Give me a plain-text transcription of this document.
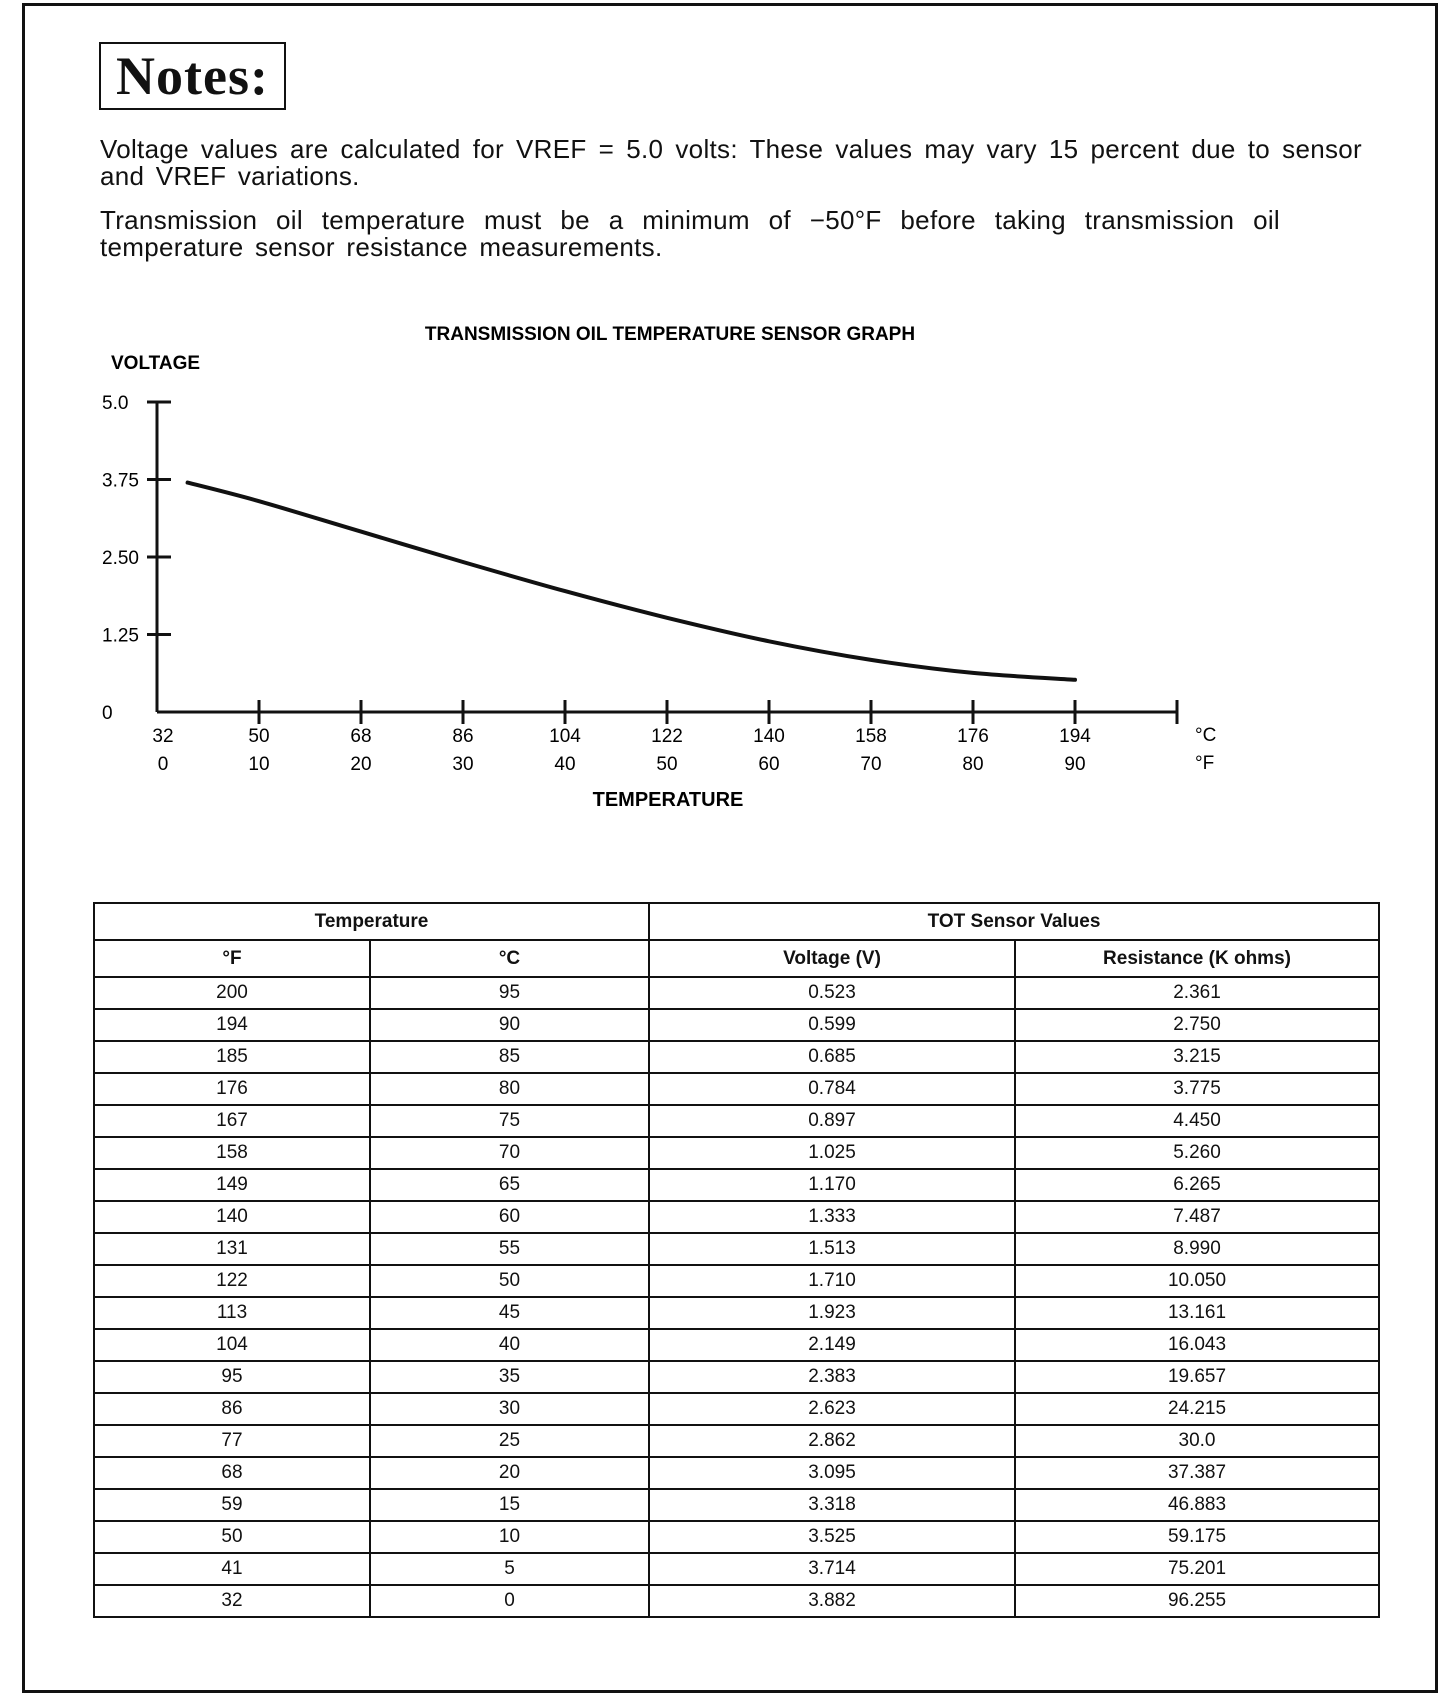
Notes:
Voltage values are calculated for VREF = 5.0 volts: These values may vary 15 percent due to sensor and VREF variations.
Transmission oil temperature must be a minimum of −50°F before taking transmission oil temperature sensor resistance measurements.
TRANSMISSION OIL TEMPERATURE SENSOR GRAPH
VOLTAGE
TEMPERATURE
5.0
3.75
2.50
1.25
0
32
0
50
10
68
20
86
30
104
40
122
50
140
60
158
70
176
80
194
90
°C
°F
Temperature		TOT Sensor Values	
°F	°C	Voltage (V)	Resistance (K ohms)
200	95	0.523	2.361
194	90	0.599	2.750
185	85	0.685	3.215
176	80	0.784	3.775
167	75	0.897	4.450
158	70	1.025	5.260
149	65	1.170	6.265
140	60	1.333	7.487
131	55	1.513	8.990
122	50	1.710	10.050
113	45	1.923	13.161
104	40	2.149	16.043
95	35	2.383	19.657
86	30	2.623	24.215
77	25	2.862	30.0
68	20	3.095	37.387
59	15	3.318	46.883
50	10	3.525	59.175
41	5	3.714	75.201
32	0	3.882	96.255
